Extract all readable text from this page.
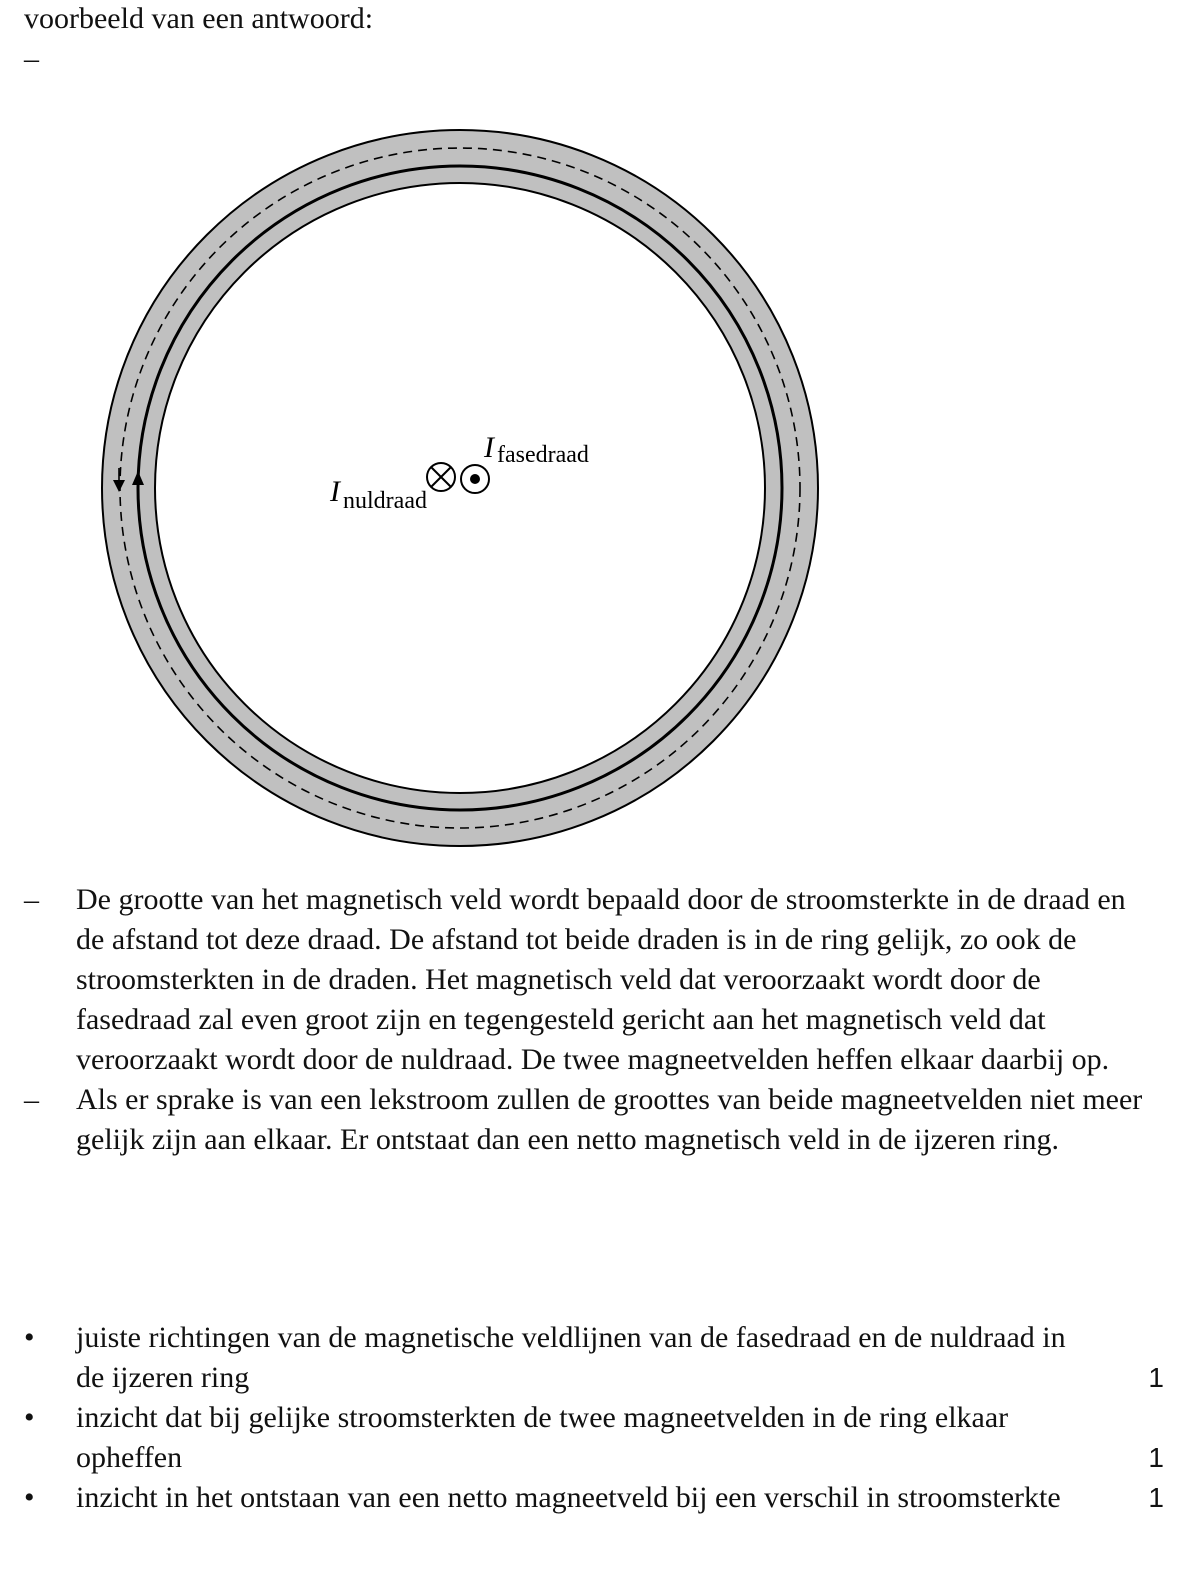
voorbeeld van een antwoord:
–
I fasedraad
I nuldraad
– De grootte van het magnetisch veld wordt bepaald door de stroomsterkte in de draad en de afstand tot deze draad. De afstand tot beide draden is in de ring gelijk, zo ook de stroomsterkten in de draden. Het magnetisch veld dat veroorzaakt wordt door de fasedraad zal even groot zijn en tegengesteld gericht aan het magnetisch veld dat veroorzaakt wordt door de nuldraad. De twee magneetvelden heffen elkaar daarbij op.
– Als er sprake is van een lekstroom zullen de groottes van beide magneetvelden niet meer gelijk zijn aan elkaar. Er ontstaat dan een netto magnetisch veld in de ijzeren ring.
• juiste richtingen van de magnetische veldlijnen van de fasedraad en de nuldraad in de ijzeren ring	1
• inzicht dat bij gelijke stroomsterkten de twee magneetvelden in de ring elkaar opheffen	1
• inzicht in het ontstaan van een netto magneetveld bij een verschil in stroomsterkte	1
